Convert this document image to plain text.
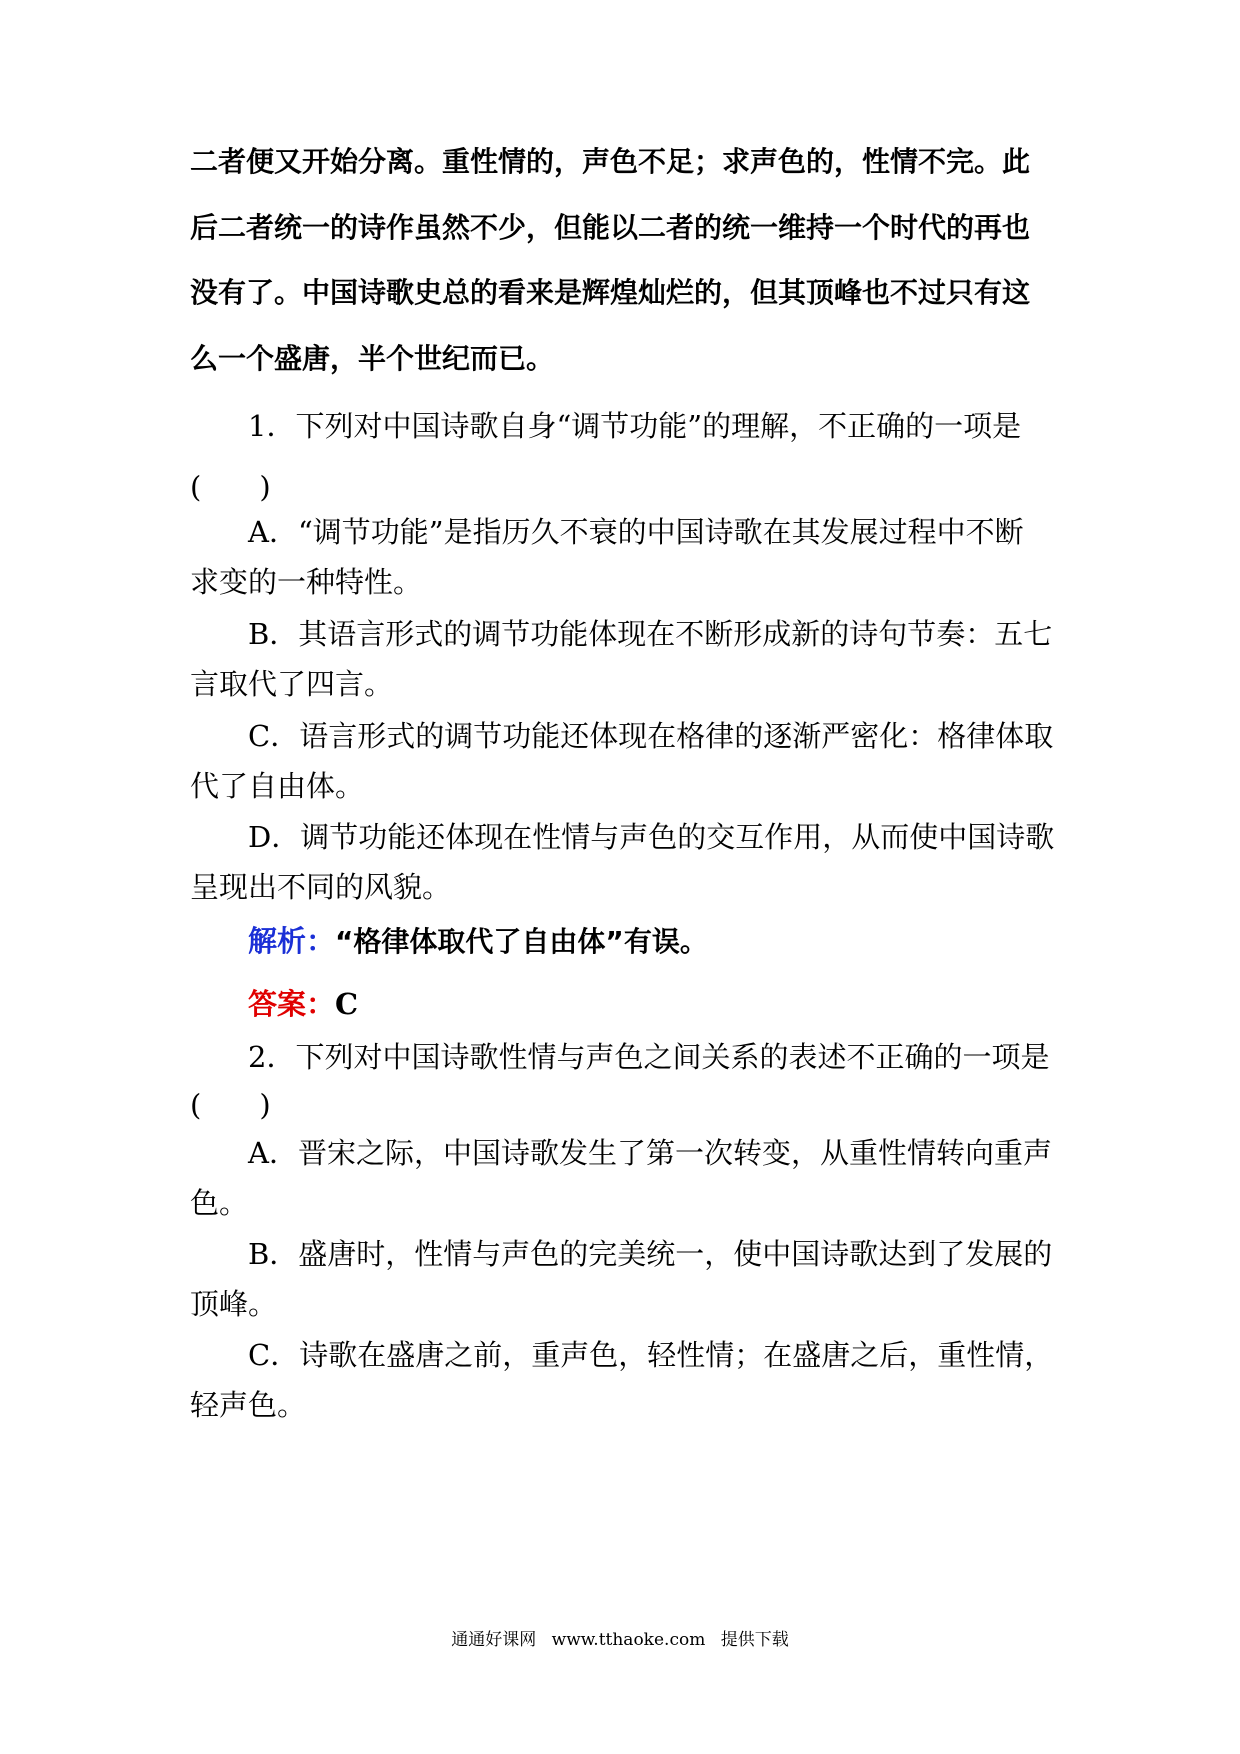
二者便又开始分离。重性情的，声色不足；求声色的，性情不完。此
后二者统一的诗作虽然不少，但能以二者的统一维持一个时代的再也
没有了。中国诗歌史总的看来是辉煌灿烂的，但其顶峰也不过只有这
么一个盛唐，半个世纪而已。
1．下列对中国诗歌自身“调节功能”的理解，不正确的一项是
(　　)
A．“调节功能”是指历久不衰的中国诗歌在其发展过程中不断
求变的一种特性。
B．其语言形式的调节功能体现在不断形成新的诗句节奏：五七
言取代了四言。
C．语言形式的调节功能还体现在格律的逐渐严密化：格律体取
代了自由体。
D．调节功能还体现在性情与声色的交互作用，从而使中国诗歌
呈现出不同的风貌。
解析：“格律体取代了自由体”有误。
答案：C
2．下列对中国诗歌性情与声色之间关系的表述不正确的一项是
(　　)
A．晋宋之际，中国诗歌发生了第一次转变，从重性情转向重声
色。
B．盛唐时，性情与声色的完美统一，使中国诗歌达到了发展的
顶峰。
C．诗歌在盛唐之前，重声色，轻性情；在盛唐之后，重性情，
轻声色。
通通好课网 www.tthaoke.com 提供下载
